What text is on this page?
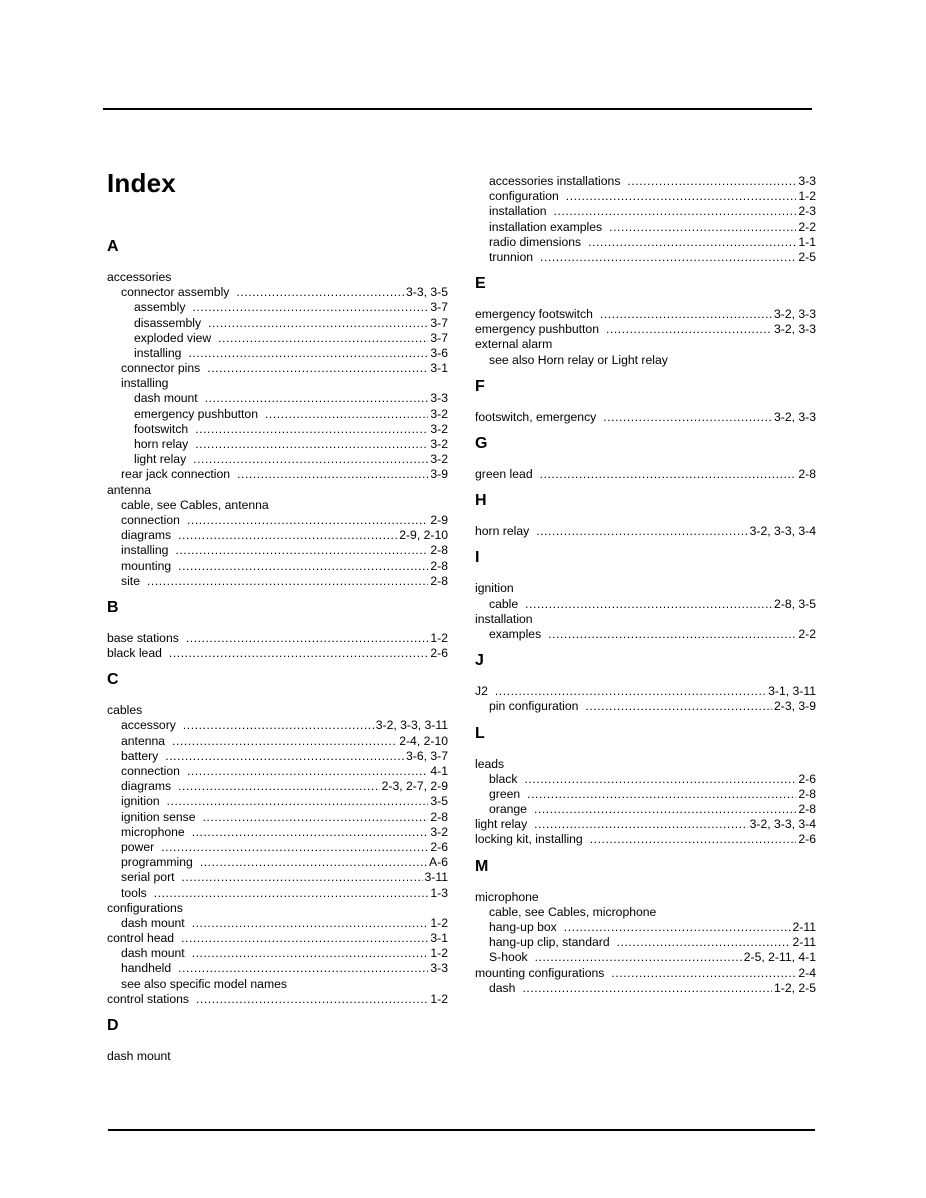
Index
A
accessories
connector assembly .....	3-3, 3-5
assembly .....	3-7
disassembly .....	3-7
exploded view .....	3-7
installing .....	3-6
connector pins .....	3-1
installing
dash mount .....	3-3
emergency pushbutton .....	3-2
footswitch .....	3-2
horn relay .....	3-2
light relay .....	3-2
rear jack connection .....	3-9
antenna
cable, see Cables, antenna
connection .....	2-9
diagrams .....	2-9, 2-10
installing .....	2-8
mounting .....	2-8
site .....	2-8
B
base stations .....	1-2
black lead .....	2-6
C
cables
accessory .....	3-2, 3-3, 3-11
antenna .....	2-4, 2-10
battery .....	3-6, 3-7
connection .....	4-1
diagrams .....	2-3, 2-7, 2-9
ignition .....	3-5
ignition sense .....	2-8
microphone .....	3-2
power .....	2-6
programming .....	A-6
serial port .....	3-11
tools .....	1-3
configurations
dash mount .....	1-2
control head .....	3-1
dash mount .....	1-2
handheld .....	3-3
see also specific model names
control stations .....	1-2
D
dash mount
accessories installations .....	3-3
configuration .....	1-2
installation .....	2-3
installation examples .....	2-2
radio dimensions .....	1-1
trunnion .....	2-5
E
emergency footswitch .....	3-2, 3-3
emergency pushbutton .....	3-2, 3-3
external alarm
see also Horn relay or Light relay
F
footswitch, emergency .....	3-2, 3-3
G
green lead .....	2-8
H
horn relay .....	3-2, 3-3, 3-4
I
ignition
cable .....	2-8, 3-5
installation
examples .....	2-2
J
J2 .....	3-1, 3-11
pin configuration .....	2-3, 3-9
L
leads
black .....	2-6
green .....	2-8
orange .....	2-8
light relay .....	3-2, 3-3, 3-4
locking kit, installing .....	2-6
M
microphone
cable, see Cables, microphone
hang-up box .....	2-11
hang-up clip, standard .....	2-11
S-hook .....	2-5, 2-11, 4-1
mounting configurations .....	2-4
dash .....	1-2, 2-5
